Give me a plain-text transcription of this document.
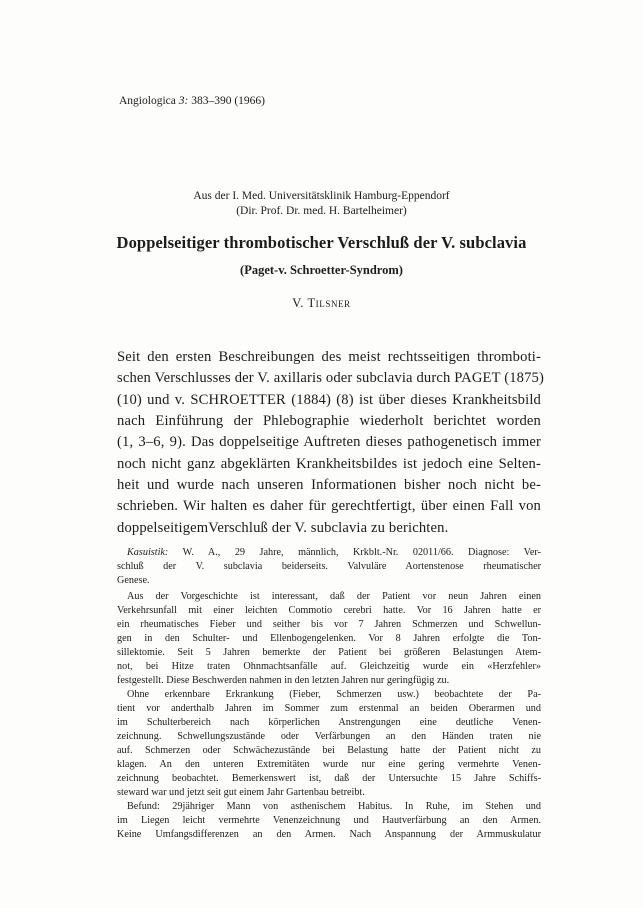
Angiologica 3: 383–390 (1966)
Aus der I. Med. Universitätsklinik Hamburg-Eppendorf
(Dir. Prof. Dr. med. H. Bartelheimer)
Doppelseitiger thrombotischer Verschluß der V. subclavia
(Paget-v. Schroetter-Syndrom)
V. Tilsner
Seit den ersten Beschreibungen des meist rechtsseitigen thromboti-
schen Verschlusses der V. axillaris oder subclavia durch PAGET (1875)
(10) und v. SCHROETTER (1884) (8) ist über dieses Krankheitsbild
nach Einführung der Phlebographie wiederholt berichtet worden
(1, 3–6, 9). Das doppelseitige Auftreten dieses pathogenetisch immer
noch nicht ganz abgeklärten Krankheitsbildes ist jedoch eine Selten-
heit und wurde nach unseren Informationen bisher noch nicht be-
schrieben. Wir halten es daher für gerechtfertigt, über einen Fall von
doppelseitigemVerschluß der V. subclavia zu berichten.
Kasuistik: W. A., 29 Jahre, männlich, Krkblt.-Nr. 02011/66. Diagnose: Ver-
schluß der V. subclavia beiderseits. Valvuläre Aortenstenose rheumatischer
Genese.
Aus der Vorgeschichte ist interessant, daß der Patient vor neun Jahren einen
Verkehrsunfall mit einer leichten Commotio cerebri hatte. Vor 16 Jahren hatte er
ein rheumatisches Fieber und seither bis vor 7 Jahren Schmerzen und Schwellun-
gen in den Schulter- und Ellenbogengelenken. Vor 8 Jahren erfolgte die Ton-
sillektomie. Seit 5 Jahren bemerkte der Patient bei größeren Belastungen Atem-
not, bei Hitze traten Ohnmachtsanfälle auf. Gleichzeitig wurde ein «Herzfehler»
festgestellt. Diese Beschwerden nahmen in den letzten Jahren nur geringfügig zu.
Ohne erkennbare Erkrankung (Fieber, Schmerzen usw.) beobachtete der Pa-
tient vor anderthalb Jahren im Sommer zum erstenmal an beiden Oberarmen und
im Schulterbereich nach körperlichen Anstrengungen eine deutliche Venen-
zeichnung. Schwellungszustände oder Verfärbungen an den Händen traten nie
auf. Schmerzen oder Schwächezustände bei Belastung hatte der Patient nicht zu
klagen. An den unteren Extremitäten wurde nur eine gering vermehrte Venen-
zeichnung beobachtet. Bemerkenswert ist, daß der Untersuchte 15 Jahre Schiffs-
steward war und jetzt seit gut einem Jahr Gartenbau betreibt.
Befund: 29jähriger Mann von asthenischem Habitus. In Ruhe, im Stehen und
im Liegen leicht vermehrte Venenzeichnung und Hautverfärbung an den Armen.
Keine Umfangsdifferenzen an den Armen. Nach Anspannung der Armmuskulatur
